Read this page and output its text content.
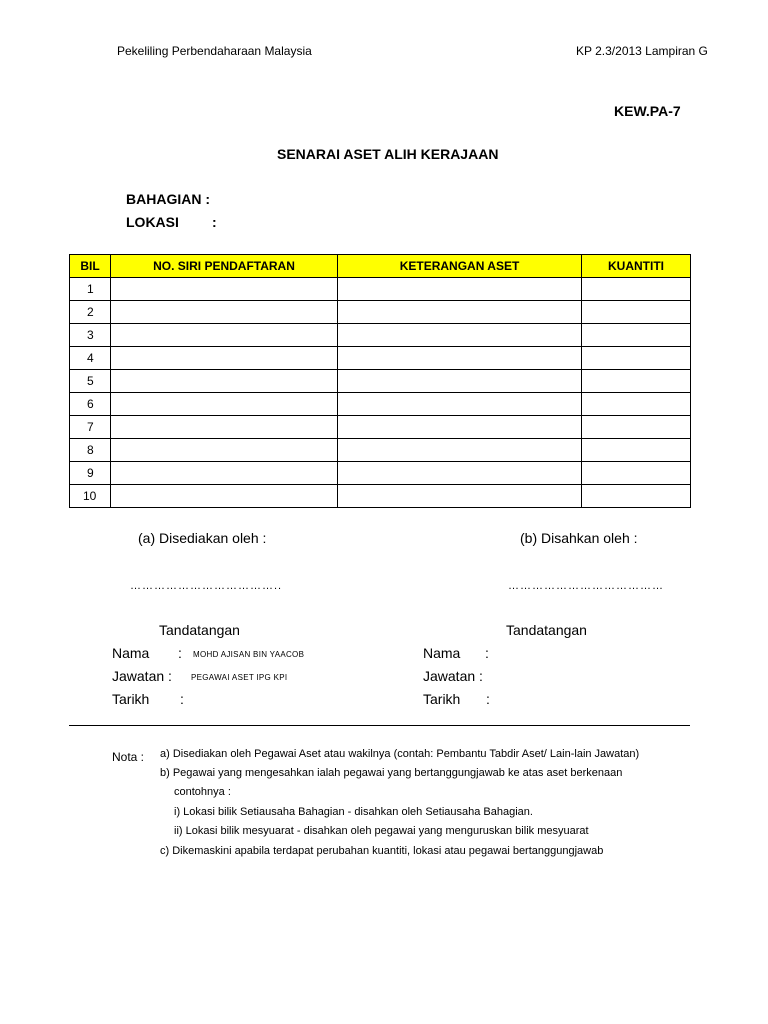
Pekeliling Perbendaharaan Malaysia	KP 2.3/2013 Lampiran G
KEW.PA-7
SENARAI ASET ALIH KERAJAAN
BAHAGIAN :
LOKASI :
BIL	NO. SIRI PENDAFTARAN	KETERANGAN ASET	KUANTITI
1			
2			
3			
4			
5			
6			
7			
8			
9			
10			
(a) Disediakan oleh :
………………………………..
Tandatangan
Nama : MOHD AJISAN BIN YAACOB
Jawatan : PEGAWAI ASET IPG KPI
Tarikh :
(b) Disahkan oleh :
…………………………………
Tandatangan
Nama :
Jawatan :
Tarikh :
Nota : a) Disediakan oleh Pegawai Aset atau wakilnya (contah: Pembantu Tabdir Aset/ Lain-lain Jawatan)
b) Pegawai yang mengesahkan ialah pegawai yang bertanggungjawab ke atas aset berkenaan
contohnya :
i) Lokasi bilik Setiausaha Bahagian - disahkan oleh Setiausaha Bahagian.
ii) Lokasi bilik mesyuarat - disahkan oleh pegawai yang menguruskan bilik mesyuarat
c) Dikemaskini apabila terdapat perubahan kuantiti, lokasi atau pegawai bertanggungjawab
